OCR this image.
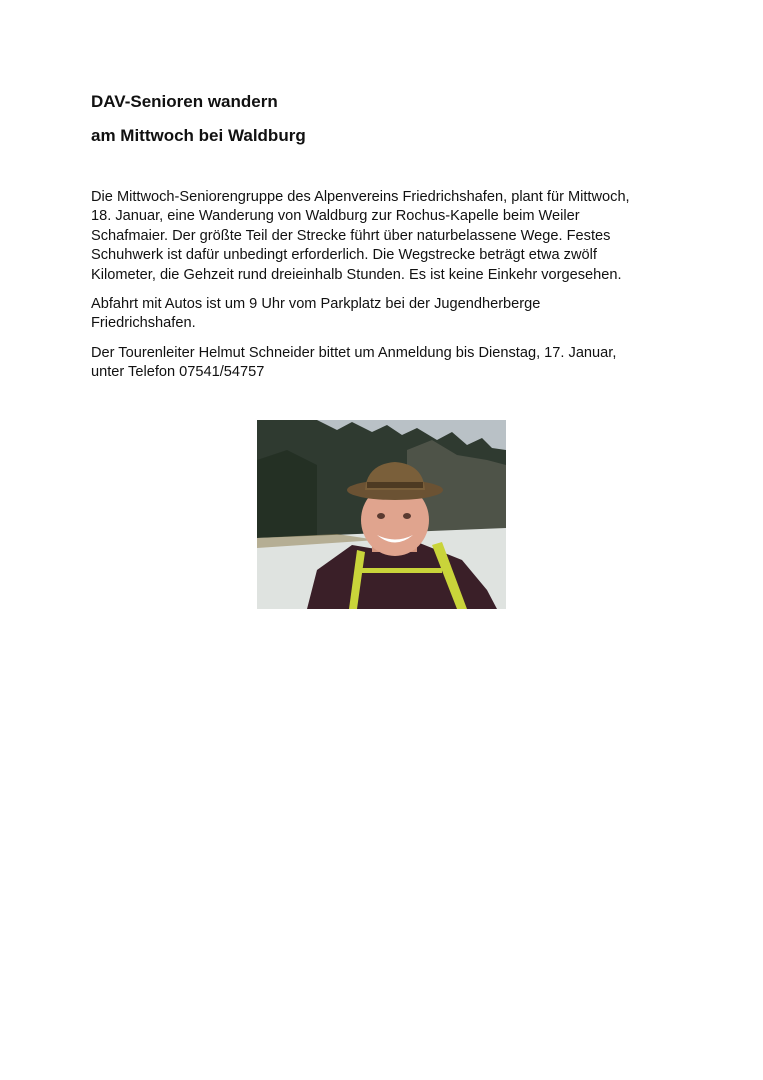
DAV-Senioren wandern
am Mittwoch bei Waldburg

Die Mittwoch-Seniorengruppe des Alpenvereins Friedrichshafen, plant für Mittwoch,
18. Januar, eine Wanderung von Waldburg zur Rochus-Kapelle beim Weiler
Schafmaier. Der größte Teil der Strecke führt über naturbelassene Wege. Festes
Schuhwerk ist dafür unbedingt erforderlich. Die Wegstrecke beträgt etwa zwölf
Kilometer, die Gehzeit rund dreieinhalb Stunden. Es ist keine Einkehr vorgesehen.

Abfahrt mit Autos ist um 9 Uhr vom Parkplatz bei der Jugendherberge
Friedrichshafen.

Der Tourenleiter Helmut Schneider bittet um Anmeldung bis Dienstag, 17. Januar,
unter Telefon 07541/54757
